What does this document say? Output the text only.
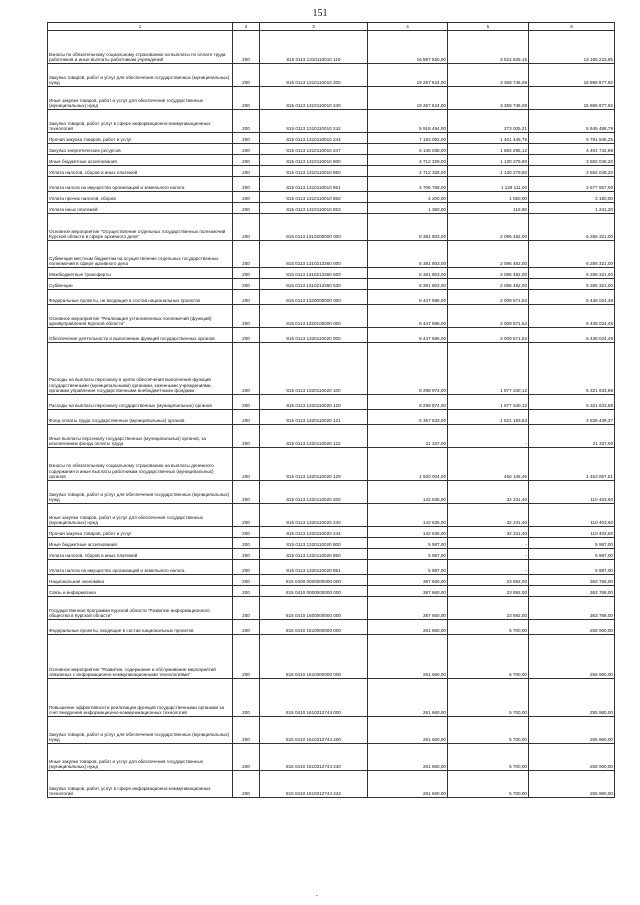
151
1	2	3	4	5	6
Взносы по обязательному социальному страхованию на выплаты по оплате труда работников и иные выплаты работникам учреждений	200	815 0113 1310110010 119	16 887 550,00	3 522 626,15	13 165 223,85
Закупка товаров, работ и услуг для обеспечения государственных (муниципальных) нужд	200	815 0113 1310110010 200	19 257 624,00	3 358 746,08	15 898 877,92
Иные закупки товаров, работ и услуг для обеспечения государственных (муниципальных) нужд	200	815 0113 1310110010 240	19 257 624,00	3 358 746,08	15 898 877,92
Закупка товаров, работ, услуг в сфере информационно-коммуникационных технологий	200	815 0113 1310110010 242	5 918 494,00	273 005,21	5 645 488,79
Прочая закупка товаров, работ и услуг	200	815 0113 1310110010 244	7 193 092,00	1 401 445,75	5 791 646,25
Закупка энергетических ресурсов	200	815 0113 1310110010 247	6 146 038,00	1 684 295,12	4 461 742,88
Иные бюджетные ассигнования	200	815 0113 1310110010 800	4 712 328,00	1 130 279,80	3 582 048,20
Уплата налогов, сборов и иных платежей	200	815 0113 1310110010 850	4 712 328,00	1 130 279,80	3 582 048,20
Уплата налога на имущество организаций и земельного налога	200	815 0113 1310110010 851	4 706 768,00	1 128 111,00	3 577 657,00
Уплата прочих налогов, сборов	200	815 0113 1310110010 852	4 200,00	1 050,00	3 150,00
Уплата иных платежей	200	815 0113 1310110010 853	1 360,00	118,80	1 241,20
Основное мероприятие "Осуществление отдельных государственных полномочий Курской области в сфере архивного дела"	200	815 0113 1310200000 000	8 381 803,00	2 095 482,00	6 286 321,00
Субвенции местным бюджетам на осуществление отдельных государственных полномочий в сфере архивного дела	200	815 0113 1310213360 000	8 381 803,00	2 095 482,00	6 286 321,00
Межбюджетные трансферты	200	815 0113 1310213360 500	8 381 803,00	2 095 482,00	6 286 321,00
Субвенции	200	815 0113 1310213360 530	8 381 803,00	2 095 482,00	6 286 321,00
Федеральные проекты, не входящие в состав национальных проектов	200	815 0113 1320000000 000	8 447 596,00	2 009 571,52	6 438 024,48
Основное мероприятие "Реализация установленных полномочий (функций) архивуправления Курской области"	200	815 0113 1320100000 000	8 447 596,00	2 009 571,52	6 438 024,48
Обеспечение деятельности и выполнение функций государственных органов	200	815 0113 1320110020 000	8 447 596,00	2 009 571,52	6 438 024,48
Расходы на выплаты персоналу в целях обеспечения выполнения функций государственными (муниципальными) органами, казенными учреждениями, органами управления государственными внебюджетными фондами	200	815 0113 1320110020 100	8 298 974,00	1 977 340,12	6 321 633,88
Расходы на выплаты персоналу государственных (муниципальных) органов	200	815 0113 1320110020 120	8 298 974,00	1 977 340,12	6 321 633,88
Фонд оплаты труда государственных (муниципальных) органов	200	815 0113 1320110020 121	6 357 633,00	1 521 193,63	4 836 439,37
Иные выплаты персоналу государственных (муниципальных) органов, за исключением фонда оплаты труда	200	815 0113 1320110020 122	21 337,00	-	21 337,00
Взносы по обязательному социальному страхованию на выплаты денежного содержания и иные выплаты работникам государственных (муниципальных) органов	200	815 0113 1320110020 129	1 920 004,00	456 146,49	1 463 857,51
Закупка товаров, работ и услуг для обеспечения государственных (муниципальных) нужд	200	815 0113 1320110020 200	142 635,00	32 231,40	110 403,60
Иные закупки товаров, работ и услуг для обеспечения государственных (муниципальных) нужд	200	815 0113 1320110020 240	142 635,00	32 231,40	110 403,60
Прочая закупка товаров, работ и услуг	200	815 0113 1320110020 244	142 635,00	32 231,40	110 403,60
Иные бюджетные ассигнования	200	815 0113 1320110020 800	5 987,00	-	5 987,00
Уплата налогов, сборов и иных платежей	200	815 0113 1320110020 850	5 987,00	-	5 987,00
Уплата налога на имущество организаций и земельного налога	200	815 0113 1320110020 851	5 987,00	-	5 987,00
Национальная экономика	200	815 0400 0000000000 000	387 660,00	23 892,00	363 768,00
Связь и информатика	200	815 0410 0000000000 000	387 660,00	23 892,00	363 768,00
Государственная программа Курской области "Развитие информационного общества в Курской области"	200	815 0410 1600000000 000	387 660,00	23 892,00	363 768,00
Федеральные проекты, входящие в состав национальных проектов	200	815 0410 1610000000 000	261 660,00	5 700,00	255 960,00
Основное мероприятие "Развитие, содержание и обслуживание мероприятий связанных с информационно-коммуникационными технологиями"	200	815 0410 1610300000 000	261 660,00	5 700,00	255 960,00
Повышение эффективности реализации функций государственными органами за счет внедрения информационно-коммуникационных технологий	200	815 0410 1610312744 000	261 660,00	5 700,00	255 960,00
Закупка товаров, работ и услуг для обеспечения государственных (муниципальных) нужд	200	815 0410 1610312744 200	261 660,00	5 700,00	255 960,00
Иные закупки товаров, работ и услуг для обеспечения государственных (муниципальных) нужд	200	815 0410 1610312744 240	261 660,00	5 700,00	255 960,00
Закупка товаров, работ, услуг в сфере информационно-коммуникационных технологий	200	815 0410 1610312744 242	261 660,00	5 700,00	255 960,00
